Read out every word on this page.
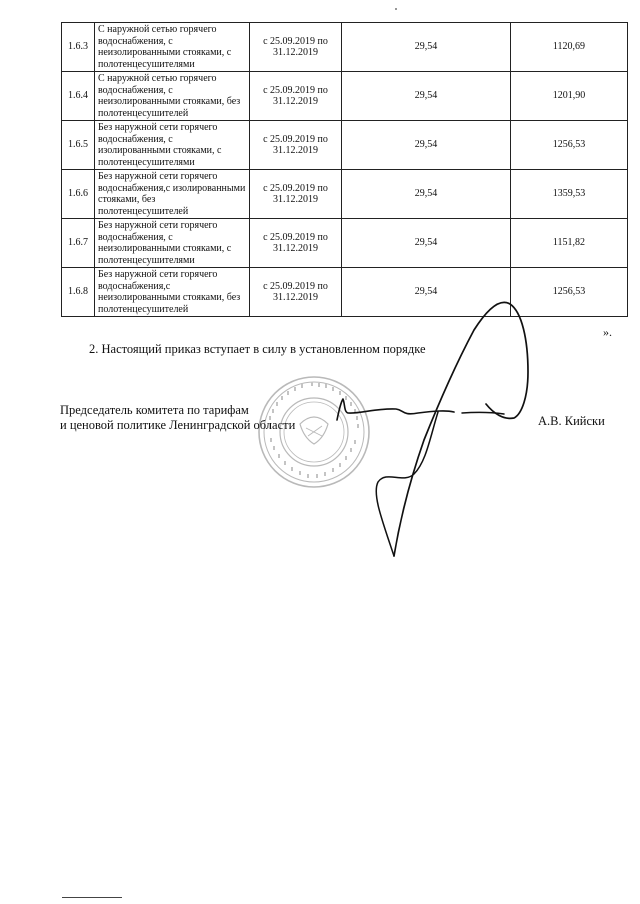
1.6.3	С наружной сетью горячего водоснабжения, с неизолированными стояками, с полотенцесушителями	с 25.09.2019 по 31.12.2019	29,54	1120,69
1.6.4	С наружной сетью горячего водоснабжения, с неизолированными стояками, без полотенцесушителей	с 25.09.2019 по 31.12.2019	29,54	1201,90
1.6.5	Без наружной сети горячего водоснабжения, с изолированными стояками, с полотенцесушителями	с 25.09.2019 по 31.12.2019	29,54	1256,53
1.6.6	Без наружной сети горячего водоснабжения,с изолированными стояками, без полотенцесушителей	с 25.09.2019 по 31.12.2019	29,54	1359,53
1.6.7	Без наружной сети горячего водоснабжения, с неизолированными стояками, с полотенцесушителями	с 25.09.2019 по 31.12.2019	29,54	1151,82
1.6.8	Без наружной сети горячего водоснабжения,с неизолированными стояками, без полотенцесушителей	с 25.09.2019 по 31.12.2019	29,54	1256,53
».
2. Настоящий приказ вступает в силу в установленном порядке
Председатель комитета по тарифам
и ценовой политике Ленинградской области	А.В. Кийски
